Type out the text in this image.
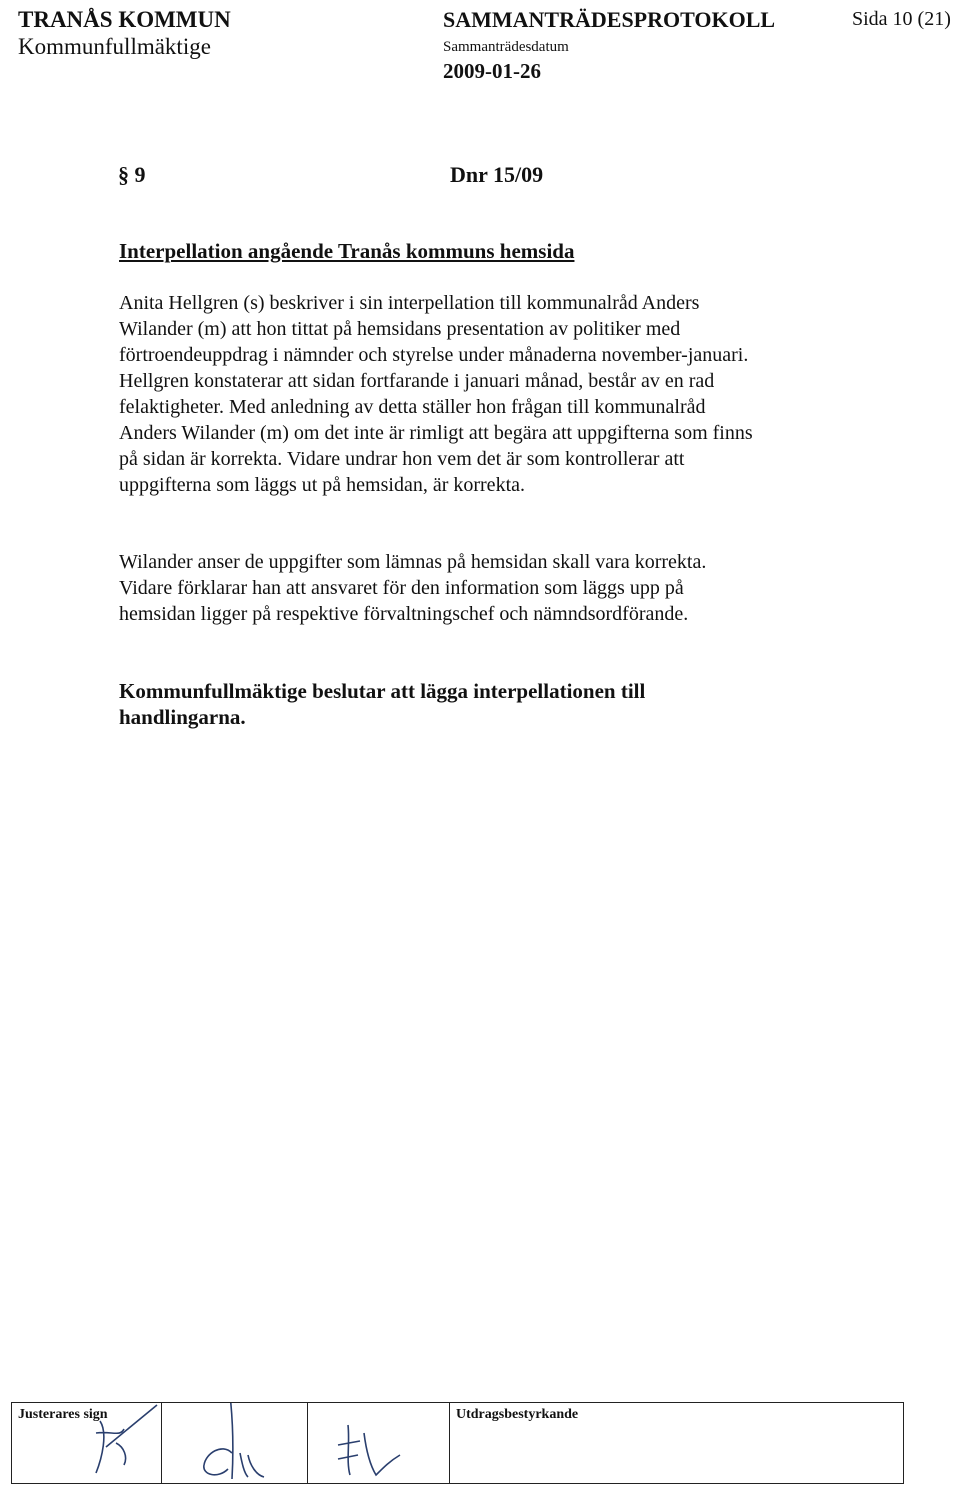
TRANÅS KOMMUN
Kommunfullmäktige
SAMMANTRÄDESPROTOKOLL
Sammanträdesdatum
2009-01-26
Sida 10 (21)
§ 9	Dnr 15/09
Interpellation angående Tranås kommuns hemsida
Anita Hellgren (s) beskriver i sin interpellation till kommunalråd Anders Wilander (m) att hon tittat på hemsidans presentation av politiker med förtroendeuppdrag i nämnder och styrelse under månaderna november-januari. Hellgren konstaterar att sidan fortfarande i januari månad, består av en rad felaktigheter. Med anledning av detta ställer hon frågan till kommunalråd Anders Wilander (m) om det inte är rimligt att begära att uppgifterna som finns på sidan är korrekta. Vidare undrar hon vem det är som kontrollerar att uppgifterna som läggs ut på hemsidan, är korrekta.
Wilander anser de uppgifter som lämnas på hemsidan skall vara korrekta. Vidare förklarar han att ansvaret för den information som läggs upp på hemsidan ligger på respektive förvaltningschef och nämndsordförande.
Kommunfullmäktige beslutar att lägga interpellationen till handlingarna.
Justerares sign	Utdragsbestyrkande
